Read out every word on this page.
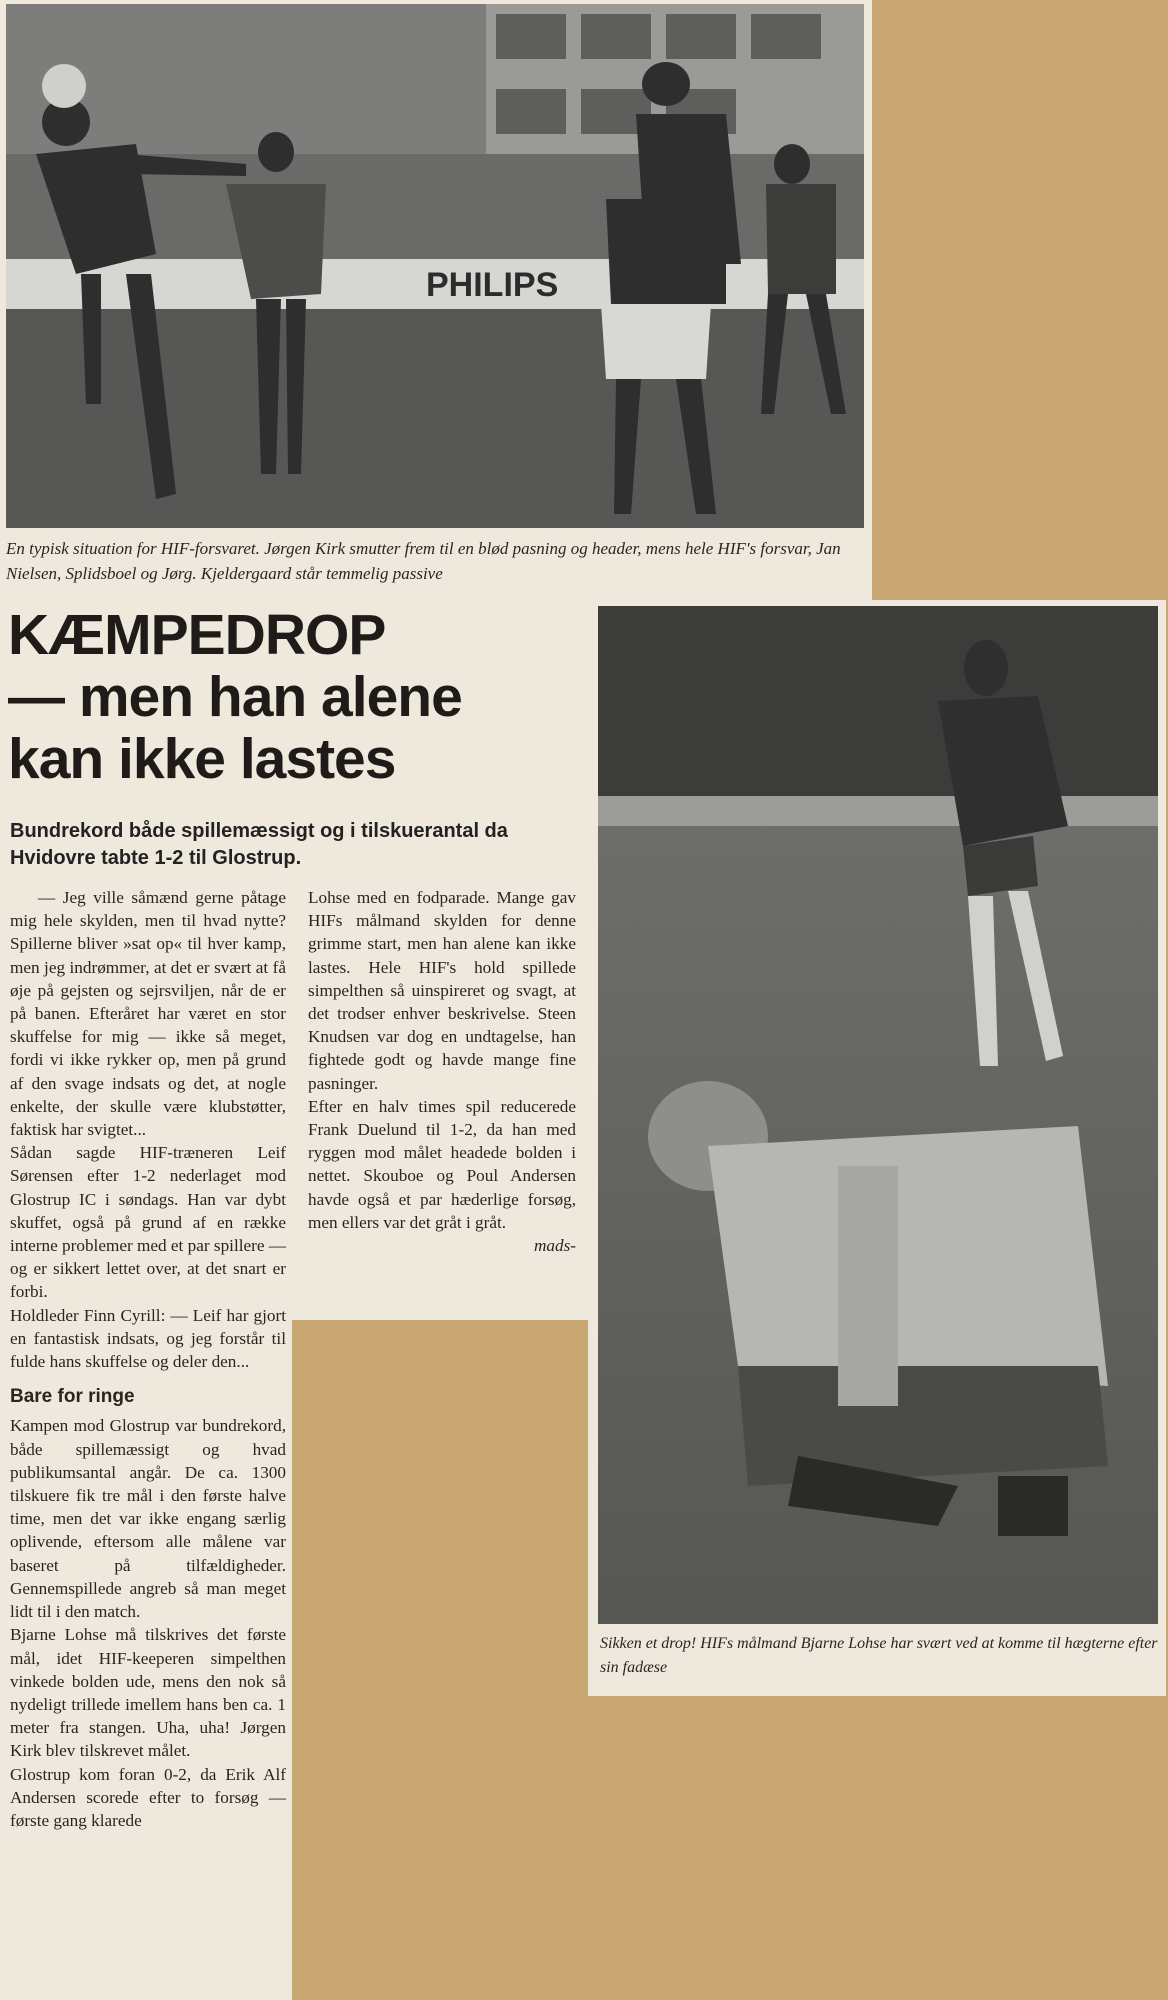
PHILIPS
En typisk situation for HIF-forsvaret. Jørgen Kirk smutter frem til en blød pasning og header, mens hele HIF's forsvar, Jan Nielsen, Splidsboel og Jørg. Kjeldergaard står temmelig passive
KÆMPEDROP
— men han alene
kan ikke lastes
Bundrekord både spillemæssigt og i tilskuerantal da Hvidovre tabte 1-2 til Glostrup.

— Jeg ville såmænd gerne påtage mig hele skylden, men til hvad nytte? Spillerne bliver »sat op« til hver kamp, men jeg indrømmer, at det er svært at få øje på gejsten og sejrsviljen, når de er på banen. Efteråret har været en stor skuffelse for mig — ikke så meget, fordi vi ikke rykker op, men på grund af den svage indsats og det, at nogle enkelte, der skulle være klubstøtter, faktisk har svigtet...

Sådan sagde HIF-træneren Leif Sørensen efter 1-2 nederlaget mod Glostrup IC i søndags. Han var dybt skuffet, også på grund af en række interne problemer med et par spillere — og er sikkert lettet over, at det snart er forbi.

Holdleder Finn Cyrill: — Leif har gjort en fantastisk indsats, og jeg forstår til fulde hans skuffelse og deler den...

Bare for ringe

Kampen mod Glostrup var bundrekord, både spillemæssigt og hvad publikumsantal angår. De ca. 1300 tilskuere fik tre mål i den første halve time, men det var ikke engang særlig oplivende, eftersom alle målene var baseret på tilfældigheder. Gennemspillede angreb så man meget lidt til i den match.

Bjarne Lohse må tilskrives det første mål, idet HIF-keeperen simpelthen vinkede bolden ude, mens den nok så nydeligt trillede imellem hans ben ca. 1 meter fra stangen. Uha, uha! Jørgen Kirk blev tilskrevet målet.

Glostrup kom foran 0-2, da Erik Alf Andersen scorede efter to forsøg — første gang klarede

Lohse med en fodparade. Mange gav HIFs målmand skylden for denne grimme start, men han alene kan ikke lastes. Hele HIF's hold spillede simpelthen så uinspireret og svagt, at det trodser enhver beskrivelse. Steen Knudsen var dog en undtagelse, han fightede godt og havde mange fine pasninger.

Efter en halv times spil reducerede Frank Duelund til 1-2, da han med ryggen mod målet headede bolden i nettet. Skouboe og Poul Andersen havde også et par hæderlige forsøg, men ellers var det gråt i gråt.

mads-

Sikken et drop! HIFs målmand Bjarne Lohse har svært ved at komme til hægterne efter sin fadæse
